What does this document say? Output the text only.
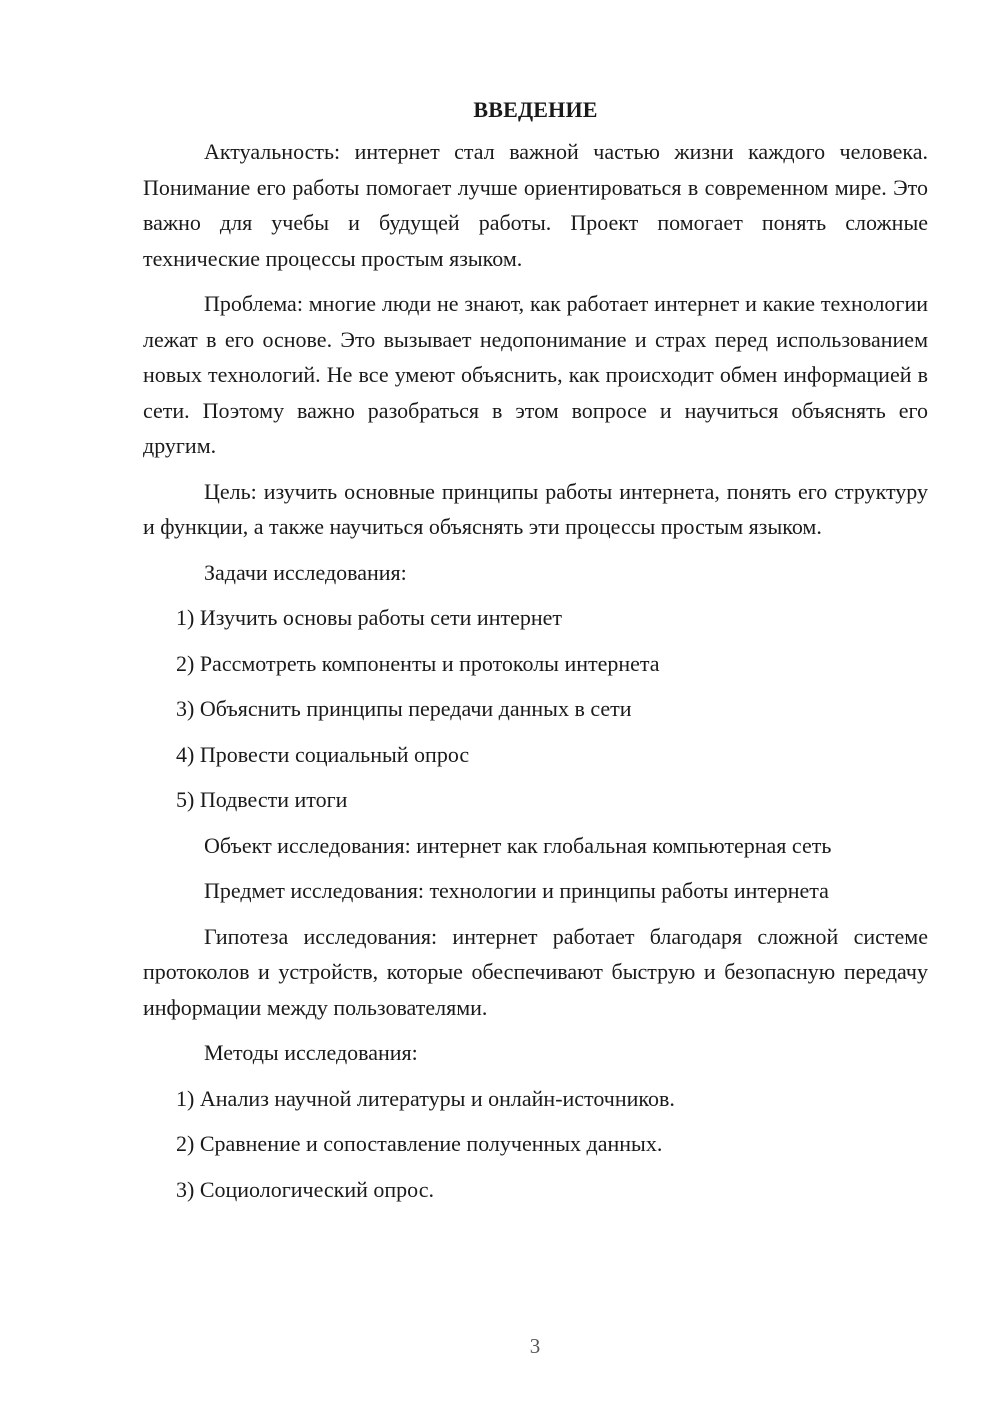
ВВЕДЕНИЕ

Актуальность: интернет стал важной частью жизни каждого человека. Понимание его работы помогает лучше ориентироваться в современном мире. Это важно для учебы и будущей работы. Проект помогает понять сложные технические процессы простым языком.

Проблема: многие люди не знают, как работает интернет и какие технологии лежат в его основе. Это вызывает недопонимание и страх перед использованием новых технологий. Не все умеют объяснить, как происходит обмен информацией в сети. Поэтому важно разобраться в этом вопросе и научиться объяснять его другим.

Цель: изучить основные принципы работы интернета, понять его структуру и функции, а также научиться объяснять эти процессы простым языком.

Задачи исследования:
1) Изучить основы работы сети интернет
2) Рассмотреть компоненты и протоколы интернета
3) Объяснить принципы передачи данных в сети
4) Провести социальный опрос
5) Подвести итоги
Объект исследования: интернет как глобальная компьютерная сеть
Предмет исследования: технологии и принципы работы интернета

Гипотеза исследования: интернет работает благодаря сложной системе протоколов и устройств, которые обеспечивают быструю и безопасную передачу информации между пользователями.

Методы исследования:
1) Анализ научной литературы и онлайн-источников.
2) Сравнение и сопоставление полученных данных.
3) Социологический опрос.
3
